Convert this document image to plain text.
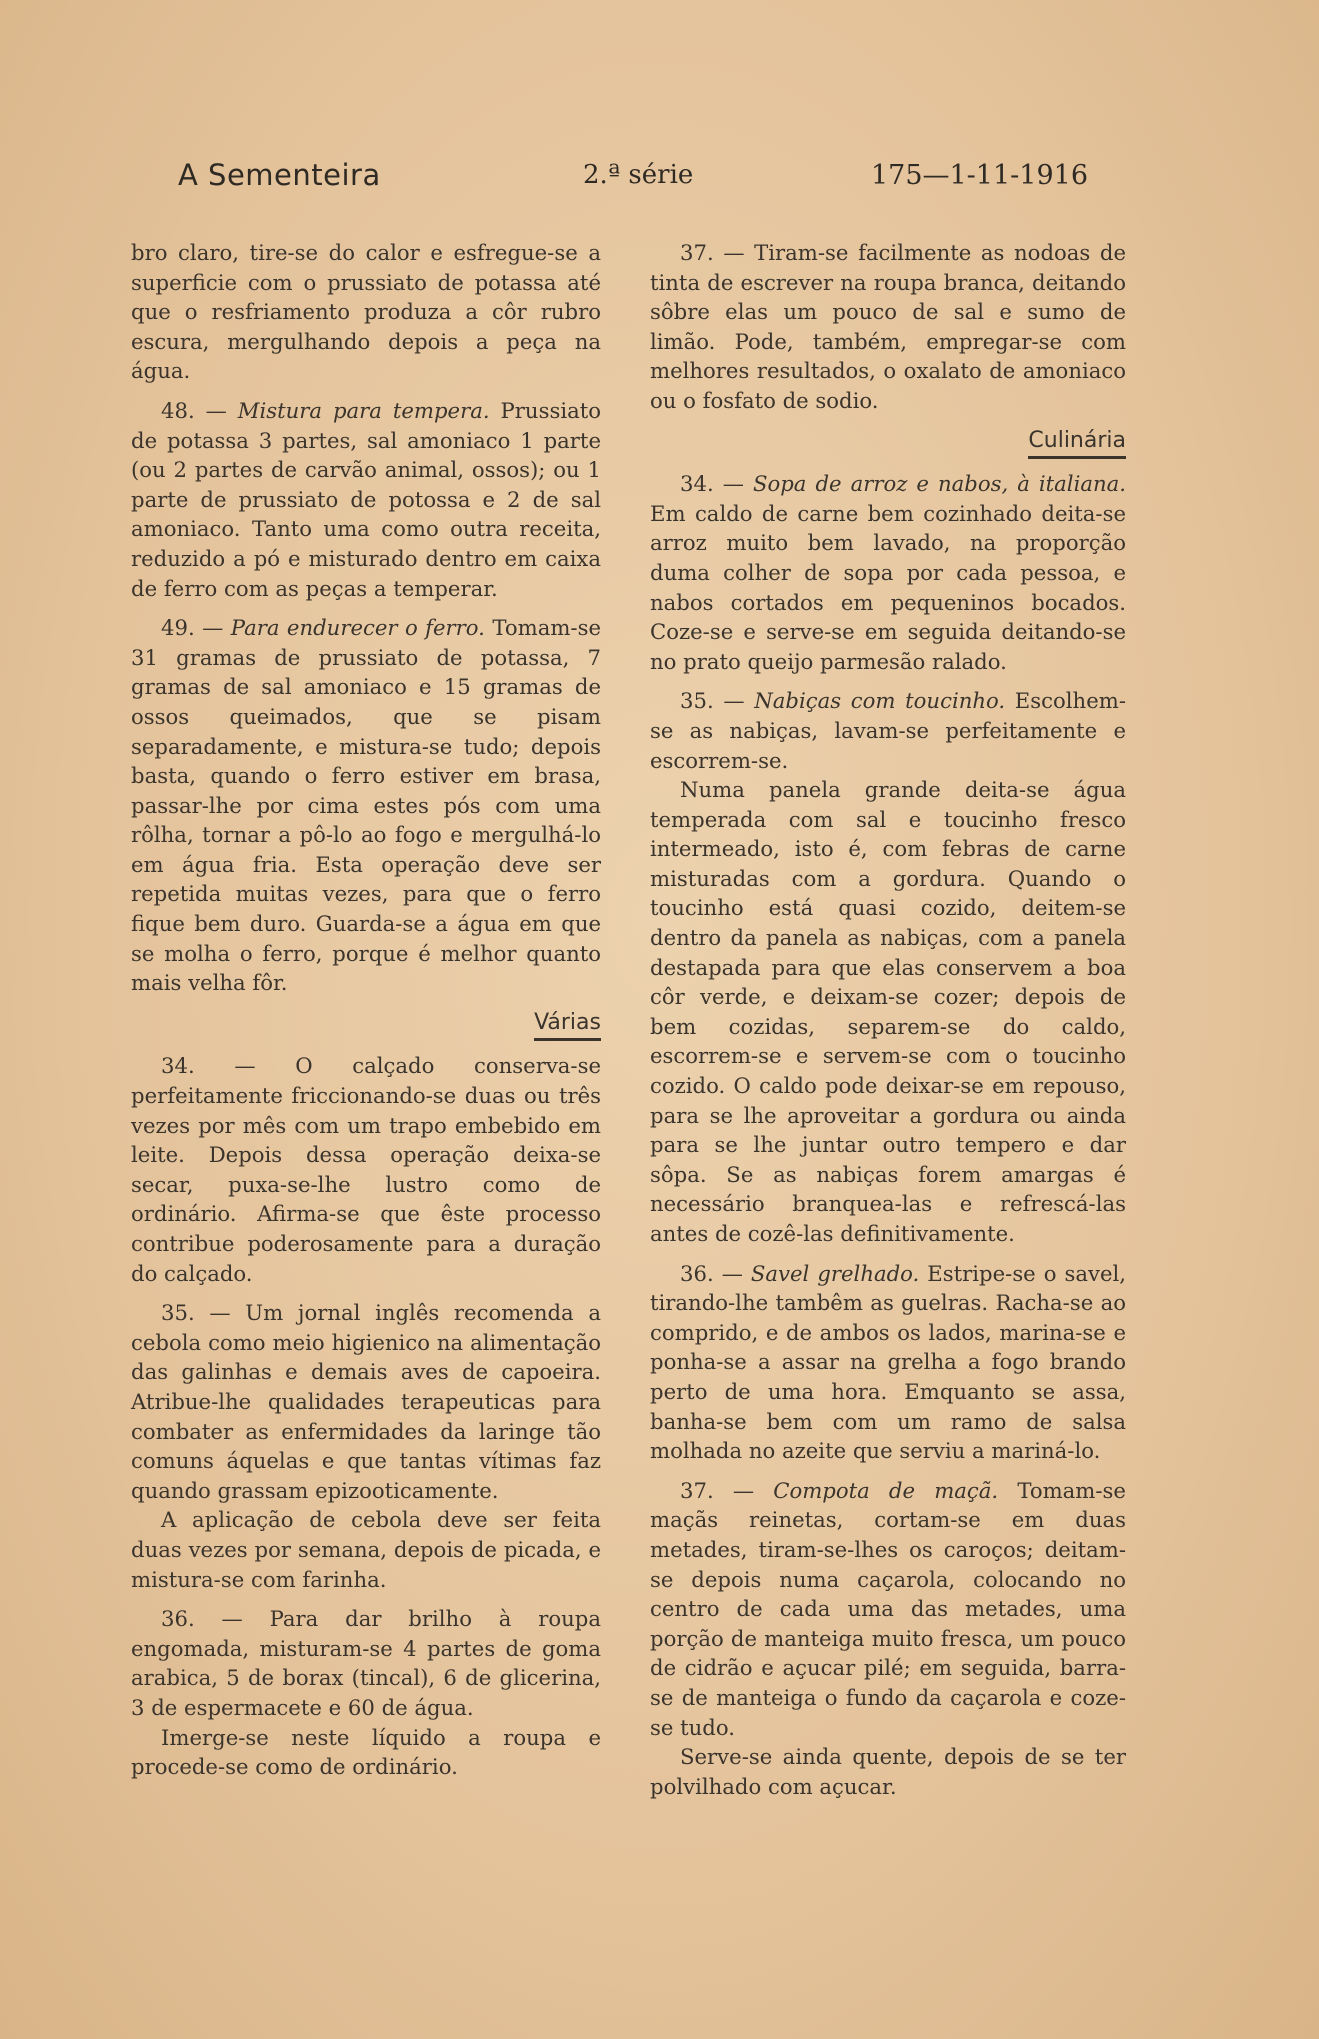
A Sementeira	2.ª série	175—1-11-1916

bro claro, tire-se do calor e esfregue-se a superficie com o prussiato de potassa até que o resfriamento produza a côr rubro escura, mergulhando depois a peça na água.

48. — Mistura para tempera. Prussiato de potassa 3 partes, sal amoniaco 1 parte (ou 2 partes de carvão animal, ossos); ou 1 parte de prussiato de potossa e 2 de sal amoniaco. Tanto uma como outra receita, reduzido a pó e misturado dentro em caixa de ferro com as peças a temperar.

49. — Para endurecer o ferro. Tomam-se 31 gramas de prussiato de potassa, 7 gramas de sal amoniaco e 15 gramas de ossos queimados, que se pisam separadamente, e mistura-se tudo; depois basta, quando o ferro estiver em brasa, passar-lhe por cima estes pós com uma rôlha, tornar a pô-lo ao fogo e mergulhá-lo em água fria. Esta operação deve ser repetida muitas vezes, para que o ferro fique bem duro. Guarda-se a água em que se molha o ferro, porque é melhor quanto mais velha fôr.

Várias

34. — O calçado conserva-se perfeitamente friccionando-se duas ou três vezes por mês com um trapo embebido em leite. Depois dessa operação deixa-se secar, puxa-se-lhe lustro como de ordinário. Afirma-se que êste processo contribue poderosamente para a duração do calçado.

35. — Um jornal inglês recomenda a cebola como meio higienico na alimentação das galinhas e demais aves de capoeira. Atribue-lhe qualidades terapeuticas para combater as enfermidades da laringe tão comuns áquelas e que tantas vítimas faz quando grassam epizooticamente.

A aplicação de cebola deve ser feita duas vezes por semana, depois de picada, e mistura-se com farinha.

36. — Para dar brilho à roupa engomada, misturam-se 4 partes de goma arabica, 5 de borax (tincal), 6 de glicerina, 3 de espermacete e 60 de água.

Imerge-se neste líquido a roupa e procede-se como de ordinário.

37. — Tiram-se facilmente as nodoas de tinta de escrever na roupa branca, deitando sôbre elas um pouco de sal e sumo de limão. Pode, também, empregar-se com melhores resultados, o oxalato de amoniaco ou o fosfato de sodio.

Culinária

34. — Sopa de arroz e nabos, à italiana. Em caldo de carne bem cozinhado deita-se arroz muito bem lavado, na proporção duma colher de sopa por cada pessoa, e nabos cortados em pequeninos bocados. Coze-se e serve-se em seguida deitando-se no prato queijo parmesão ralado.

35. — Nabiças com toucinho. Escolhem-se as nabiças, lavam-se perfeitamente e escorrem-se.

Numa panela grande deita-se água temperada com sal e toucinho fresco intermeado, isto é, com febras de carne misturadas com a gordura. Quando o toucinho está quasi cozido, deitem-se dentro da panela as nabiças, com a panela destapada para que elas conservem a boa côr verde, e deixam-se cozer; depois de bem cozidas, separem-se do caldo, escorrem-se e servem-se com o toucinho cozido. O caldo pode deixar-se em repouso, para se lhe aproveitar a gordura ou ainda para se lhe juntar outro tempero e dar sôpa. Se as nabiças forem amargas é necessário branquea-las e refrescá-las antes de cozê-las definitivamente.

36. — Savel grelhado. Estripe-se o savel, tirando-lhe tambêm as guelras. Racha-se ao comprido, e de ambos os lados, marina-se e ponha-se a assar na grelha a fogo brando perto de uma hora. Emquanto se assa, banha-se bem com um ramo de salsa molhada no azeite que serviu a mariná-lo.

37. — Compota de maçã. Tomam-se maçãs reinetas, cortam-se em duas metades, tiram-se-lhes os caroços; deitam-se depois numa caçarola, colocando no centro de cada uma das metades, uma porção de manteiga muito fresca, um pouco de cidrão e açucar pilé; em seguida, barra-se de manteiga o fundo da caçarola e coze-se tudo.

Serve-se ainda quente, depois de se ter polvilhado com açucar.
